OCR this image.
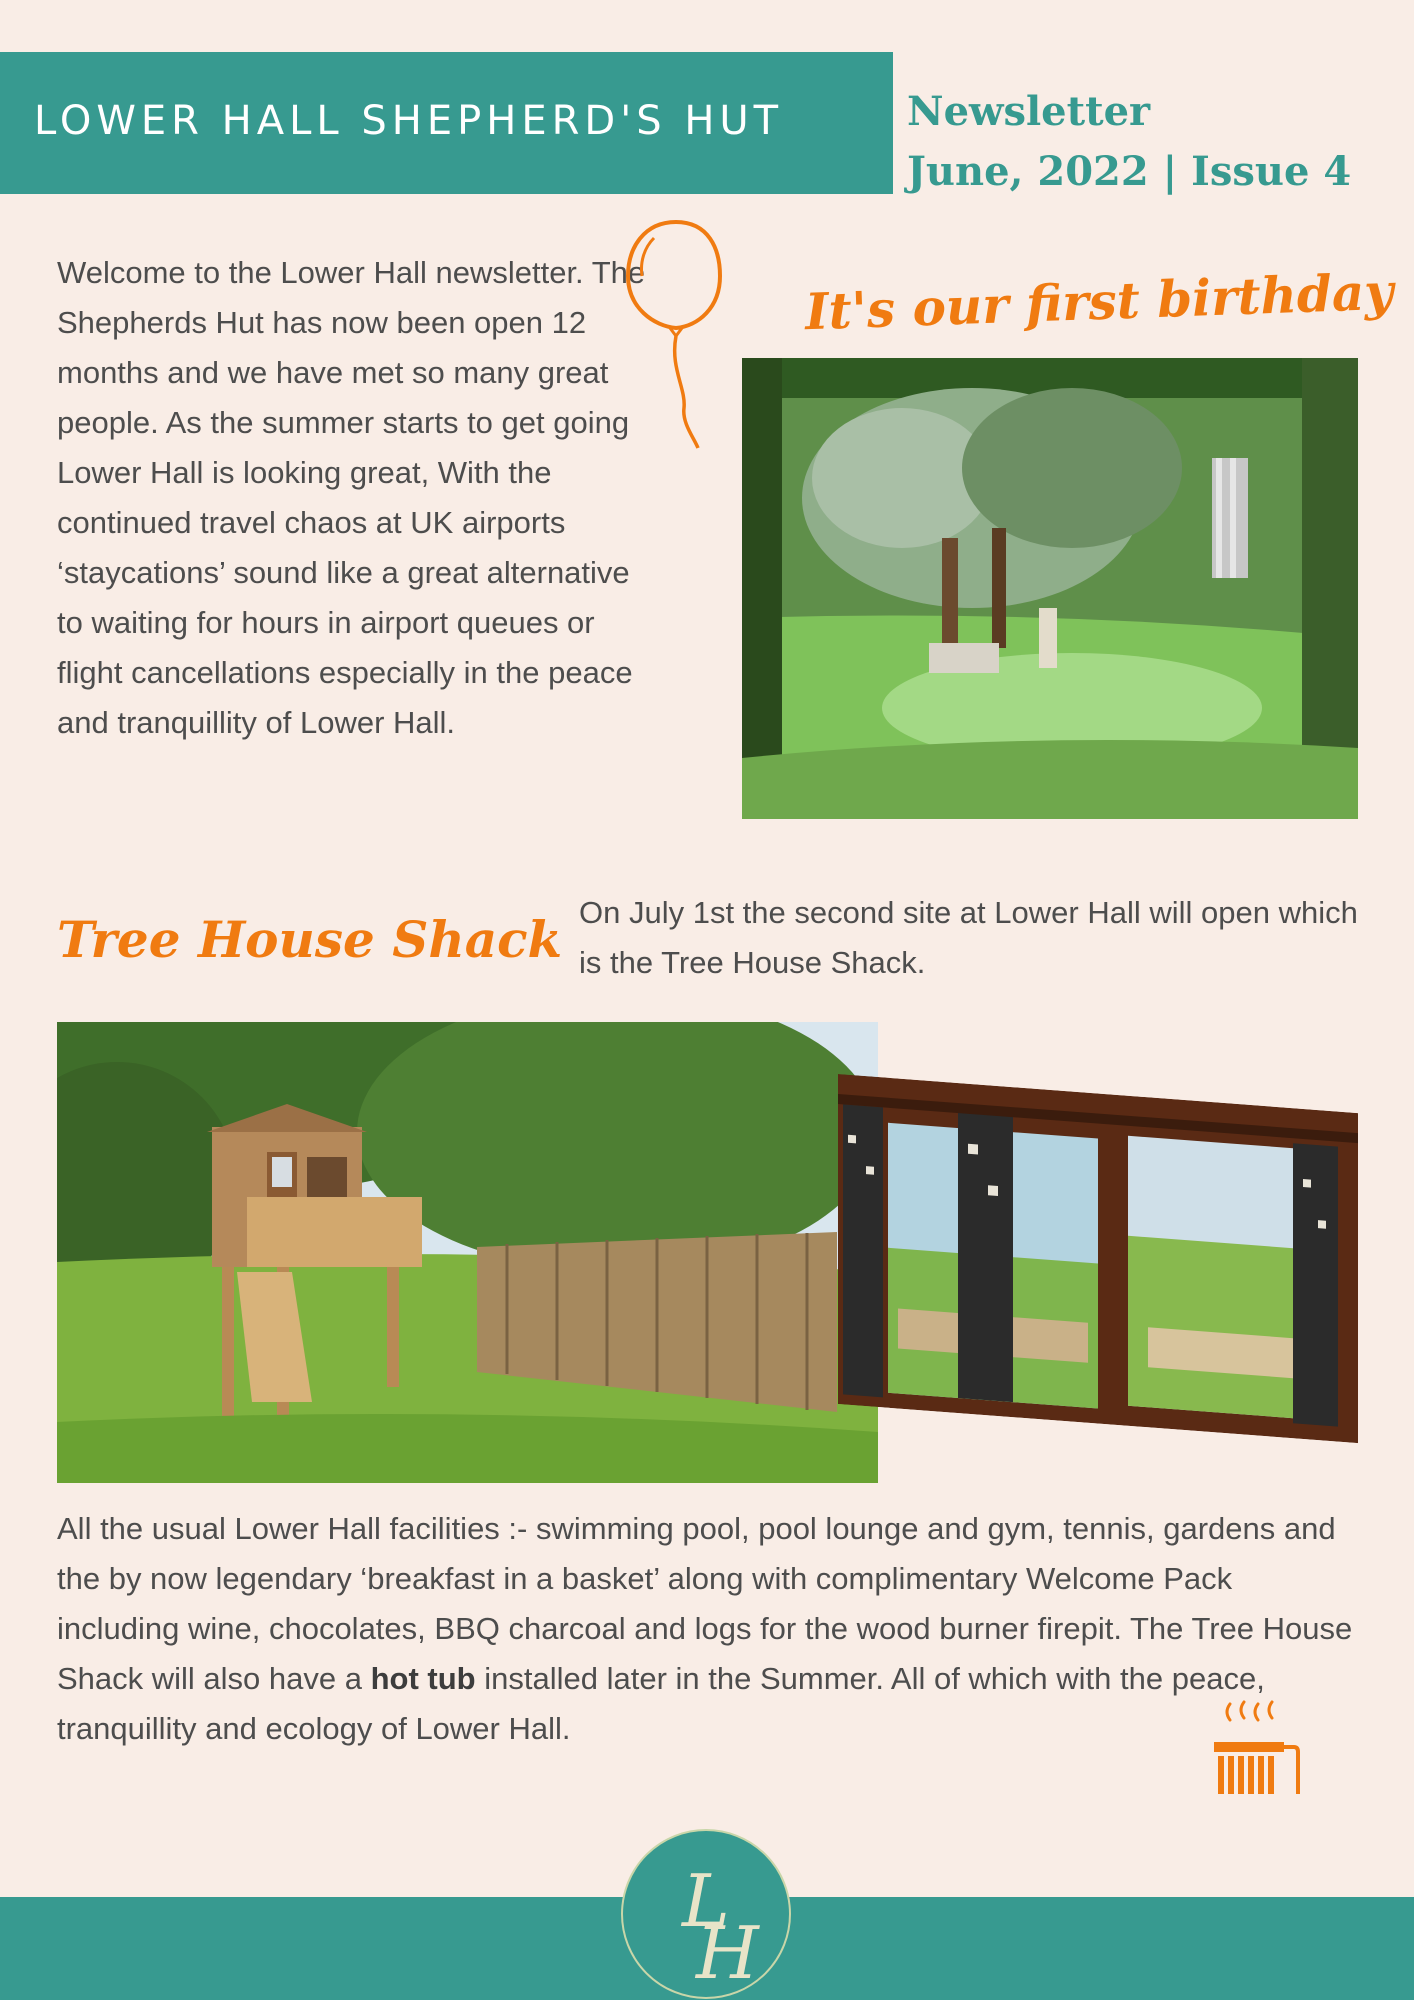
LOWER HALL SHEPHERD'S HUT	Newsletter
June, 2022 | Issue 4

Welcome to the Lower Hall newsletter. The Shepherds Hut has now been open 12 months and we have met so many great people. As the summer starts to get going Lower Hall is looking great, With the continued travel chaos at UK airports ‘staycations’ sound like a great alternative to waiting for hours in airport queues or flight cancellations especially in the peace and tranquillity of Lower Hall.

It's our first birthday
Tree House Shack On July 1st the second site at Lower Hall will open which is the Tree House Shack.

All the usual Lower Hall facilities :- swimming pool, pool lounge and gym, tennis, gardens and the by now legendary ‘breakfast in a basket’ along with complimentary Welcome Pack including wine, chocolates, BBQ charcoal and logs for the wood burner firepit. The Tree House Shack will also have a hot tub installed later in the Summer. All of which with the peace, tranquillity and ecology of Lower Hall.

L
H
